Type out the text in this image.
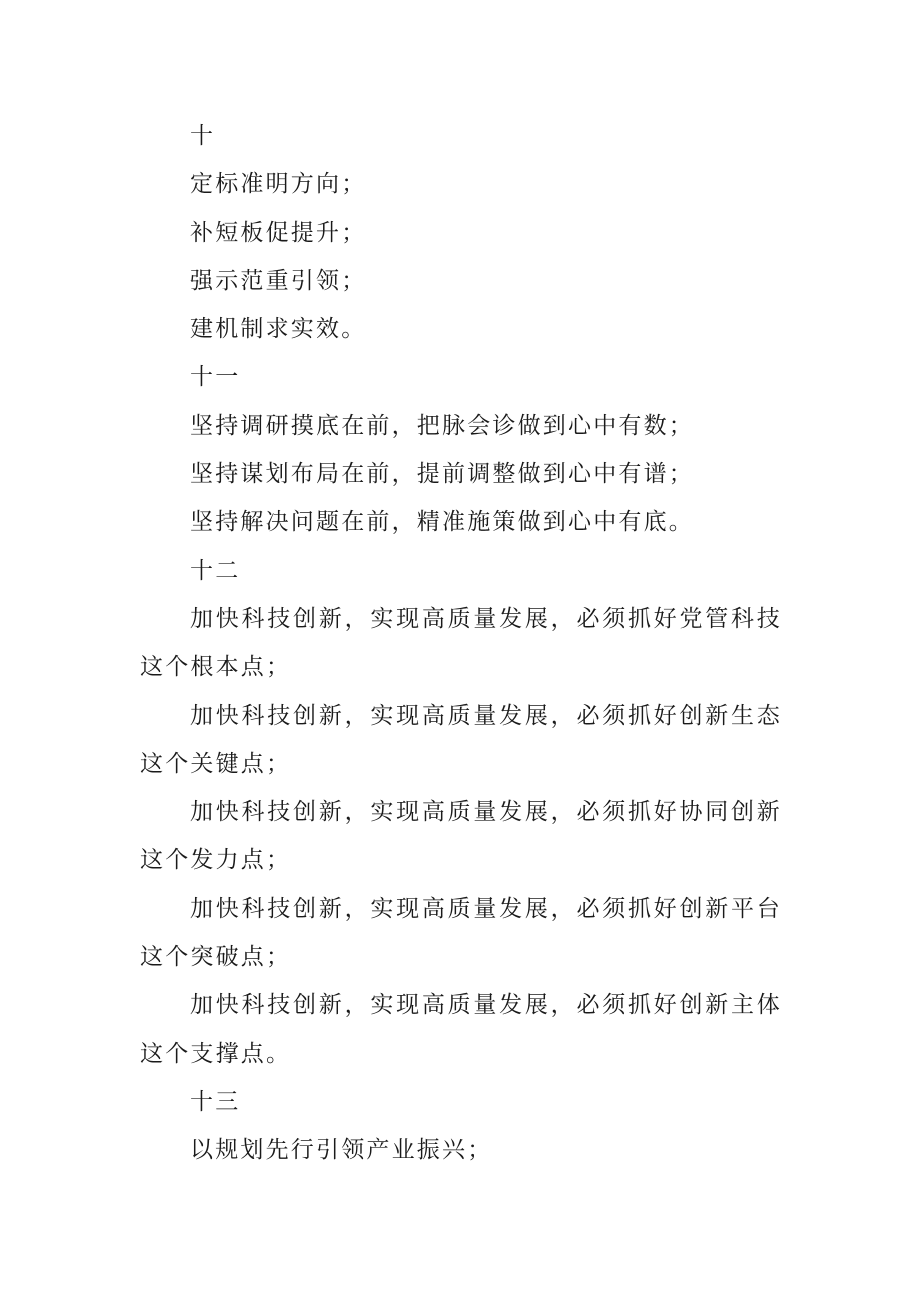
十

定标准明方向；

补短板促提升；

强示范重引领；

建机制求实效。

十一

坚持调研摸底在前，把脉会诊做到心中有数；

坚持谋划布局在前，提前调整做到心中有谱；

坚持解决问题在前，精准施策做到心中有底。

十二

加快科技创新，实现高质量发展，必须抓好党管科技这个根本点；

加快科技创新，实现高质量发展，必须抓好创新生态这个关键点；

加快科技创新，实现高质量发展，必须抓好协同创新这个发力点；

加快科技创新，实现高质量发展，必须抓好创新平台这个突破点；

加快科技创新，实现高质量发展，必须抓好创新主体这个支撑点。

十三

以规划先行引领产业振兴；
